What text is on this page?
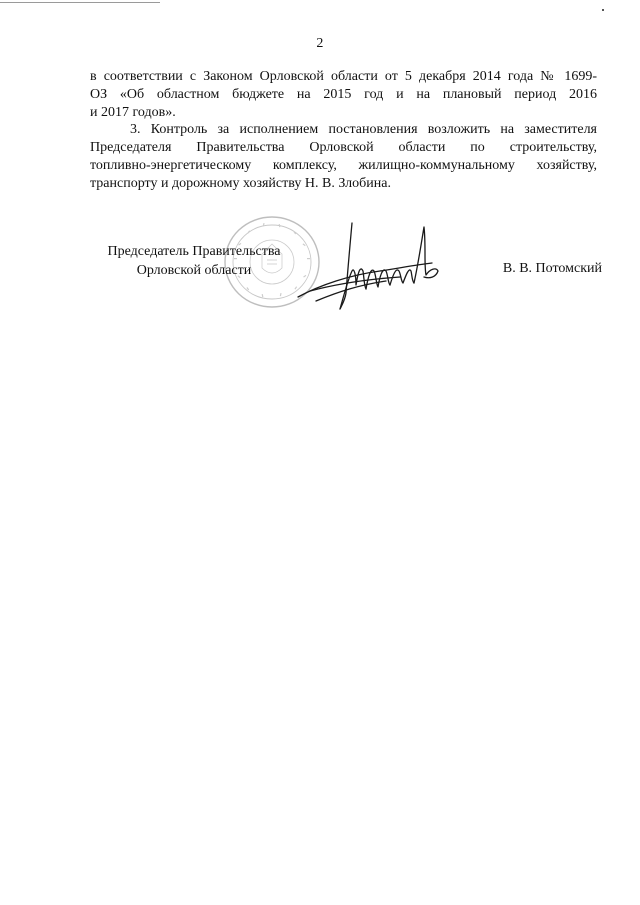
2

в соответствии с Законом Орловской области от 5 декабря 2014 года № 1699-
ОЗ «Об областном бюджете на 2015 год и на плановый период 2016
и 2017 годов».

3. Контроль за исполнением постановления возложить на заместителя
Председателя Правительства Орловской области по строительству,
топливно-энергетическому комплексу, жилищно-коммунальному хозяйству,
транспорту и дорожному хозяйству Н. В. Злобина.

Председатель Правительства
Орловской области	В. В. Потомский
